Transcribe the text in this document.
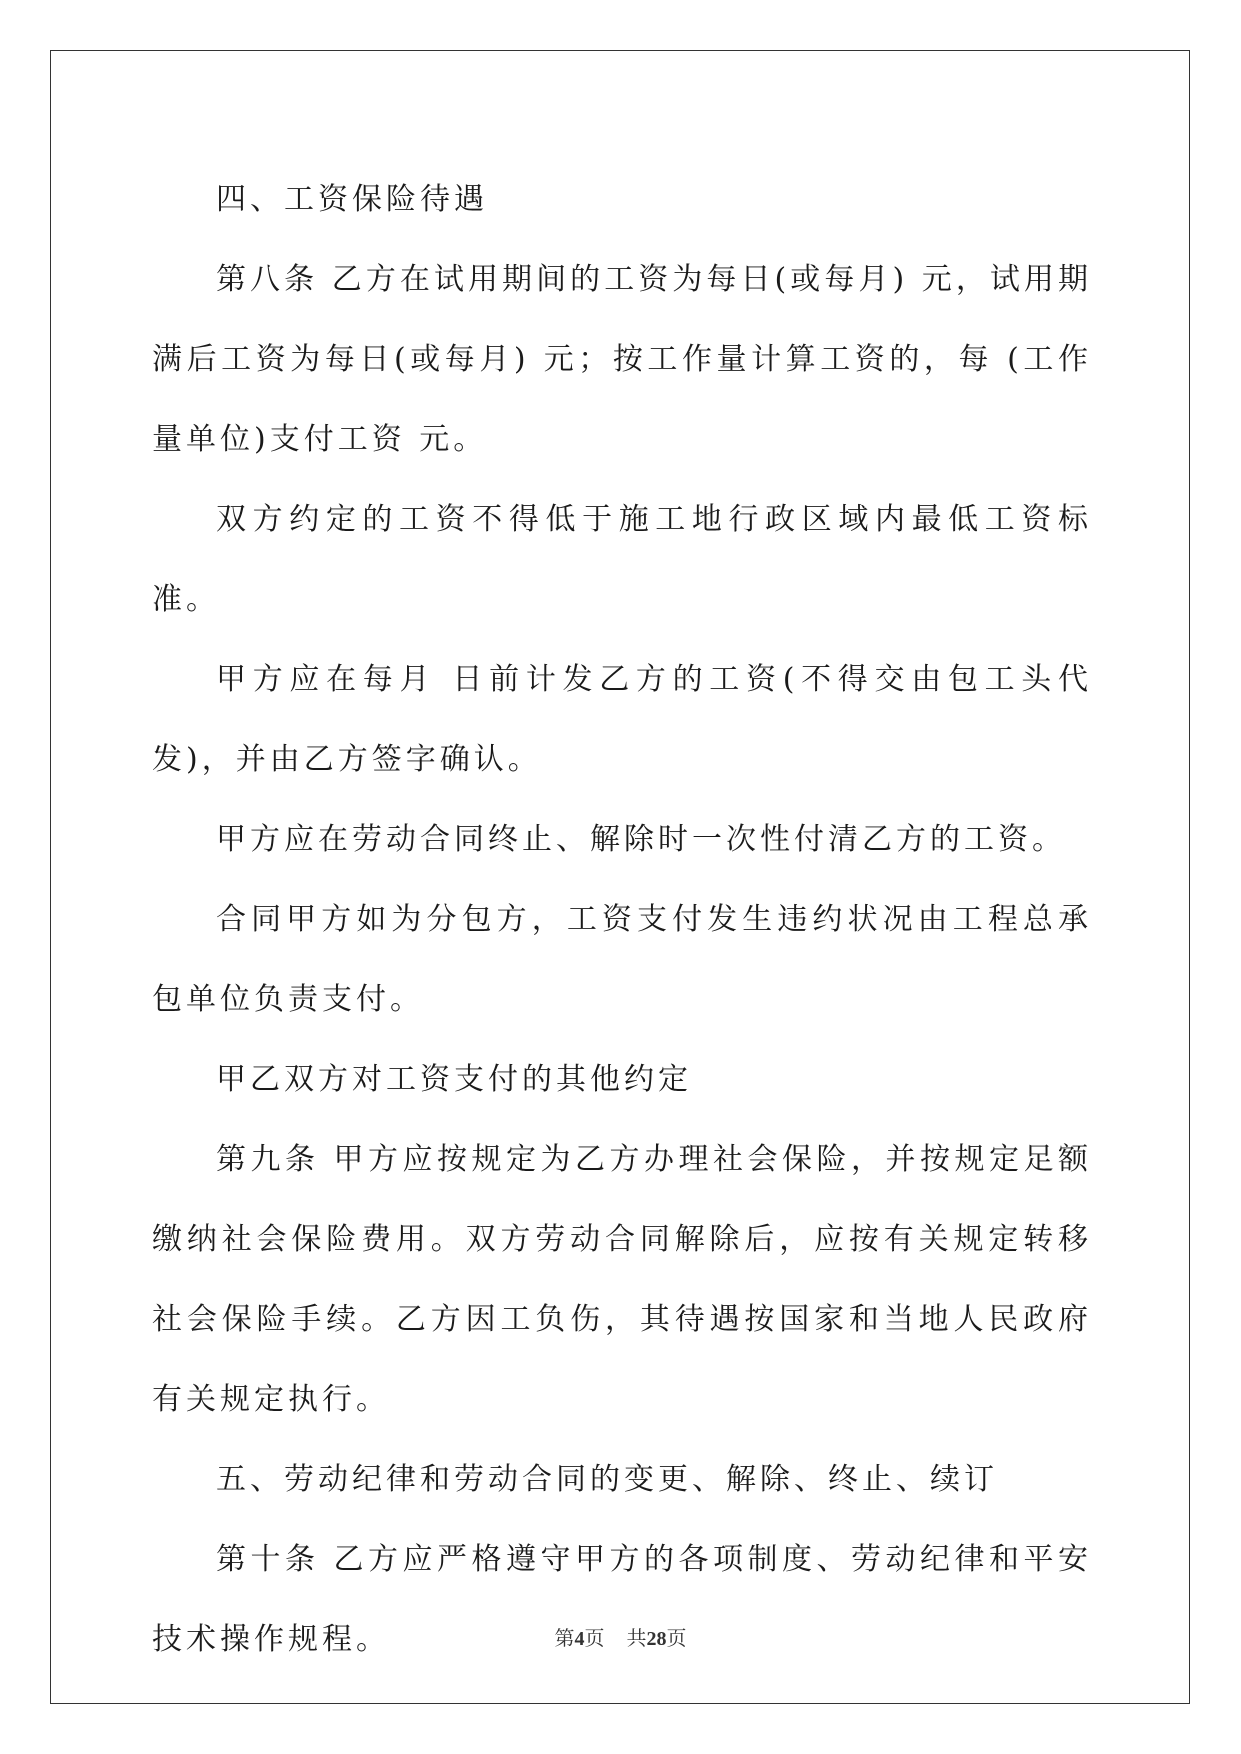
四、工资保险待遇

第八条 乙方在试用期间的工资为每日(或每月) 元，试用期满后工资为每日(或每月) 元；按工作量计算工资的，每 (工作量单位)支付工资 元。

双方约定的工资不得低于施工地行政区域内最低工资标准。

甲方应在每月 日前计发乙方的工资(不得交由包工头代发)，并由乙方签字确认。

甲方应在劳动合同终止、解除时一次性付清乙方的工资。

合同甲方如为分包方，工资支付发生违约状况由工程总承包单位负责支付。

甲乙双方对工资支付的其他约定

第九条 甲方应按规定为乙方办理社会保险，并按规定足额缴纳社会保险费用。双方劳动合同解除后，应按有关规定转移社会保险手续。乙方因工负伤，其待遇按国家和当地人民政府有关规定执行。

五、劳动纪律和劳动合同的变更、解除、终止、续订

第十条 乙方应严格遵守甲方的各项制度、劳动纪律和平安技术操作规程。	第4页 共28页
